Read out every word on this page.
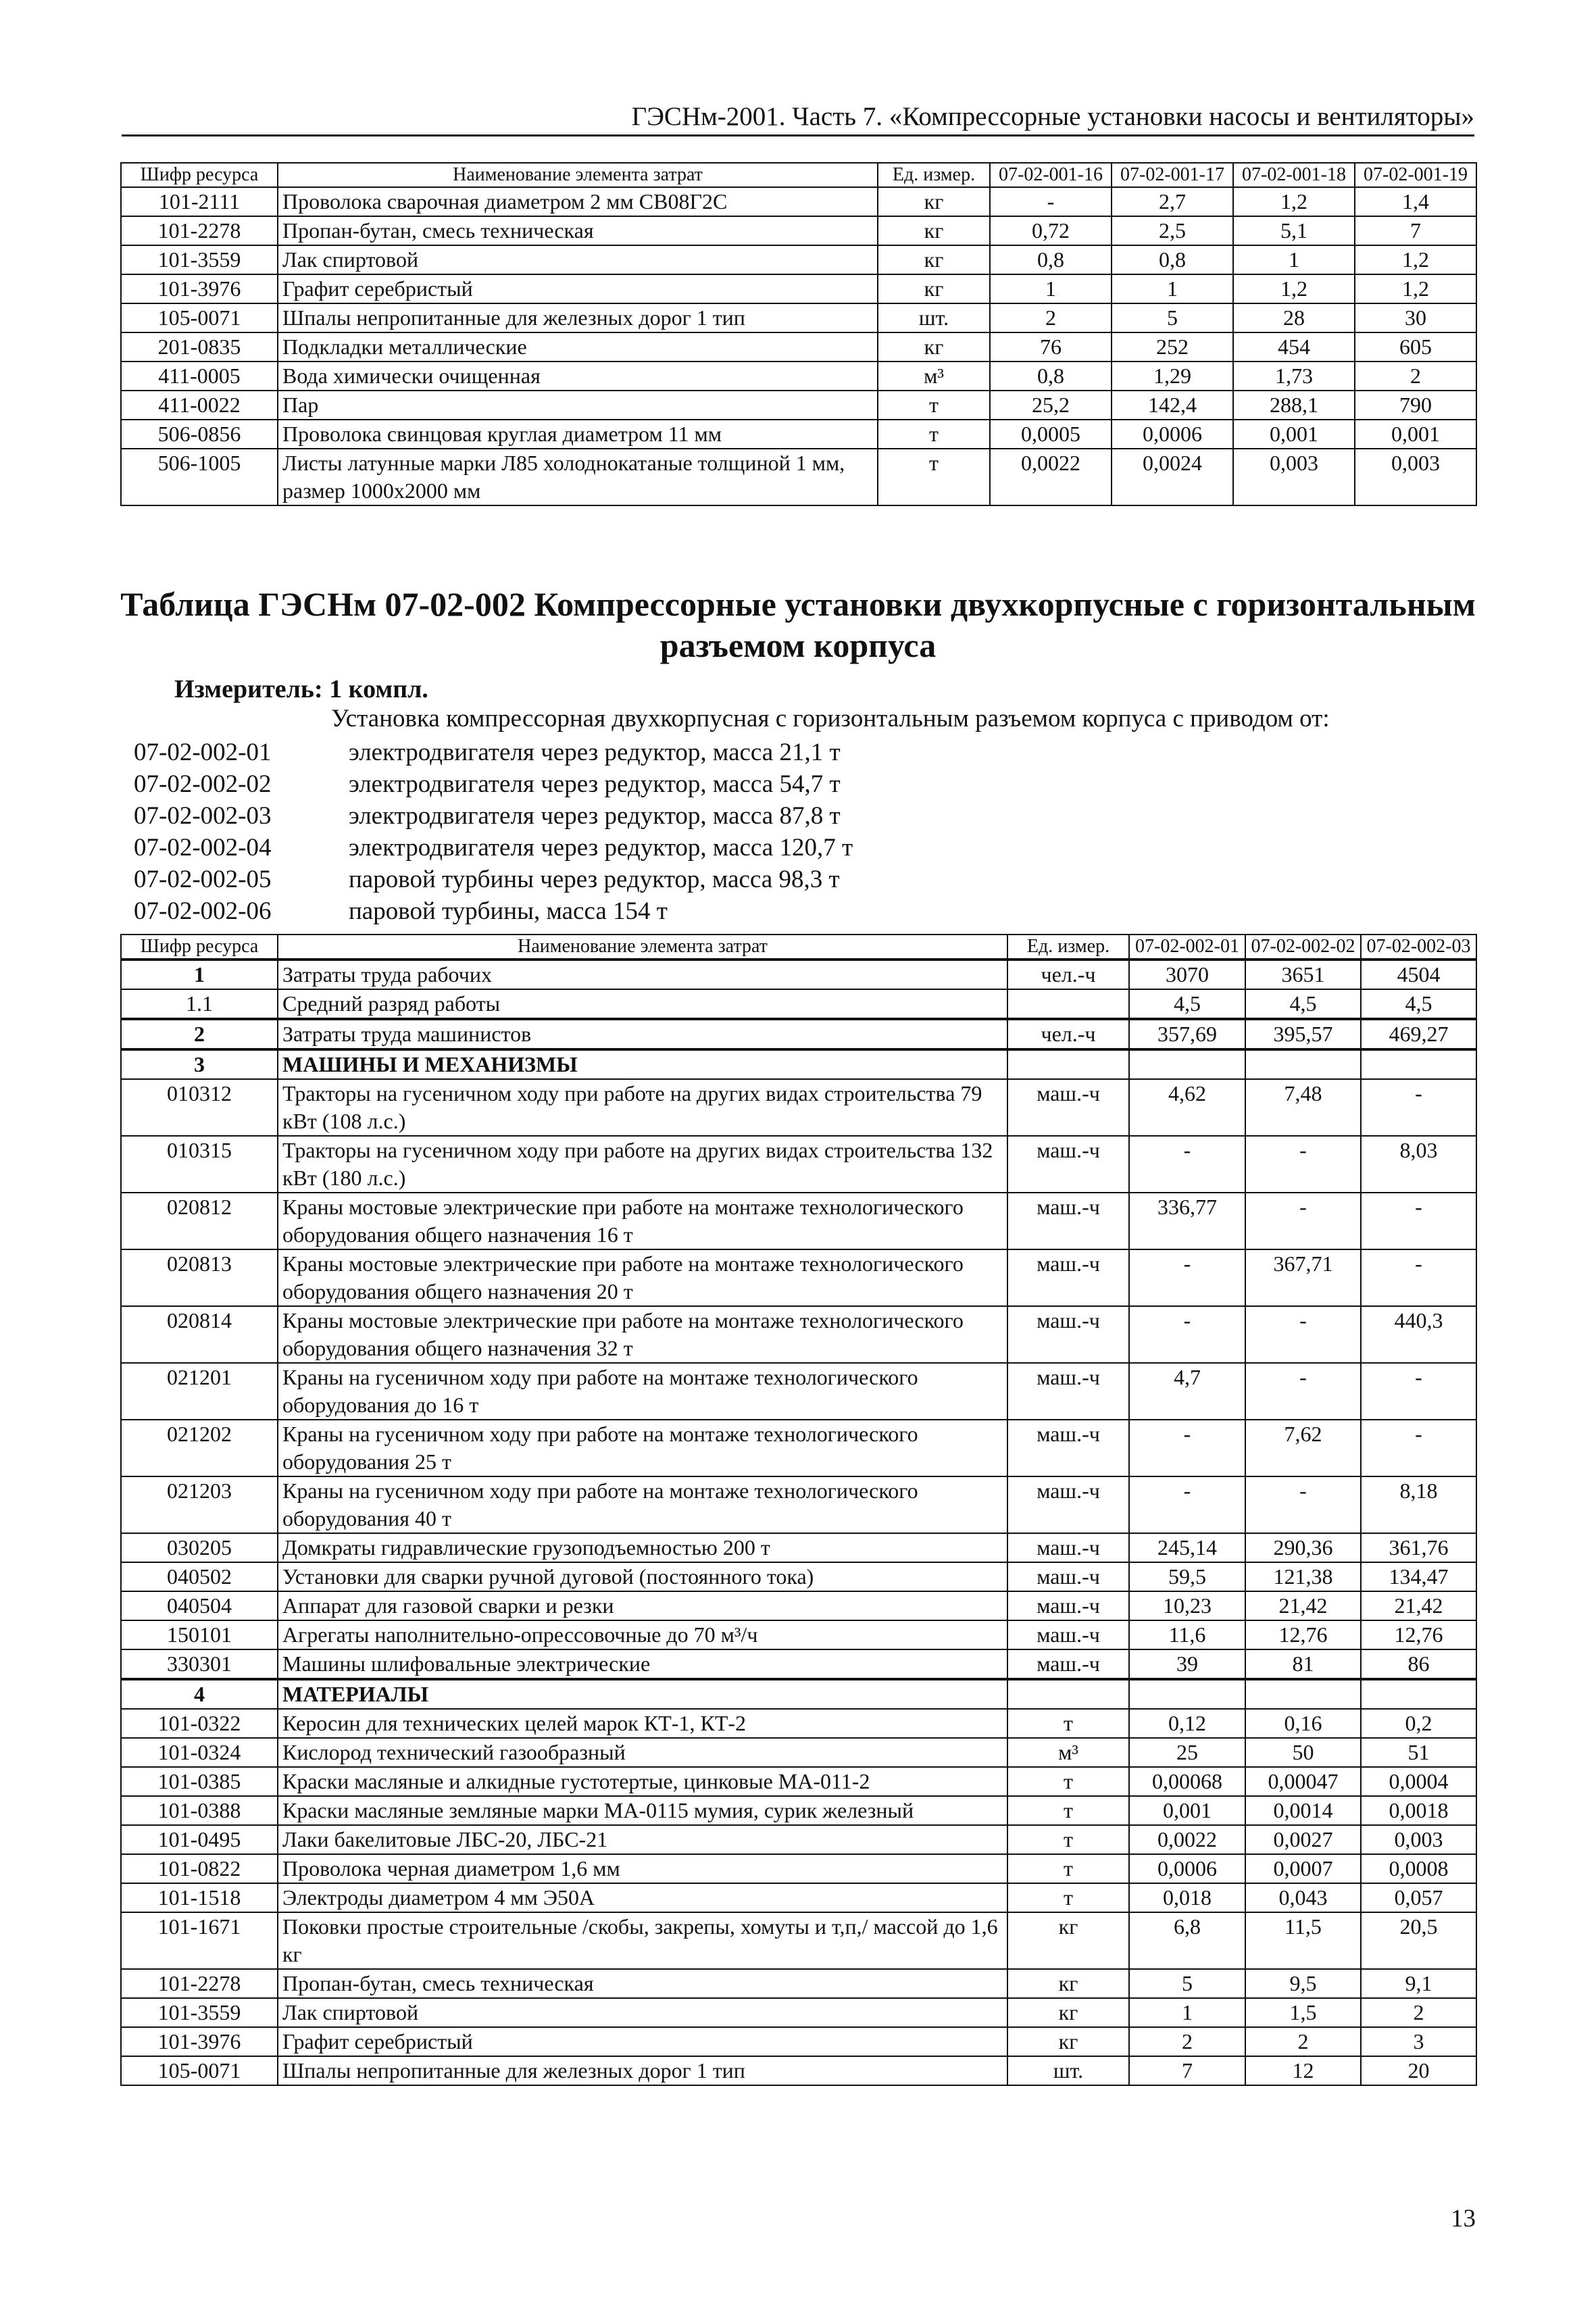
ГЭСНм-2001. Часть 7. «Компрессорные установки насосы и вентиляторы»
Шифр ресурса	Наименование элемента затрат	Ед. измер.	07-02-001-16	07-02-001-17	07-02-001-18	07-02-001-19
101-2111	Проволока сварочная диаметром 2 мм СВ08Г2С	кг	-	2,7	1,2	1,4
101-2278	Пропан-бутан, смесь техническая	кг	0,72	2,5	5,1	7
101-3559	Лак спиртовой	кг	0,8	0,8	1	1,2
101-3976	Графит серебристый	кг	1	1	1,2	1,2
105-0071	Шпалы непропитанные для железных дорог 1 тип	шт.	2	5	28	30
201-0835	Подкладки металлические	кг	76	252	454	605
411-0005	Вода химически очищенная	м³	0,8	1,29	1,73	2
411-0022	Пар	т	25,2	142,4	288,1	790
506-0856	Проволока свинцовая круглая диаметром 11 мм	т	0,0005	0,0006	0,001	0,001
506-1005	Листы латунные марки Л85 холоднокатаные толщиной 1 мм, размер 1000х2000 мм	т	0,0022	0,0024	0,003	0,003
Таблица ГЭСНм 07-02-002 Компрессорные установки двухкорпусные с горизонтальным разъемом корпуса
Измеритель: 1 компл.
Установка компрессорная двухкорпусная с горизонтальным разъемом корпуса с приводом от:
07-02-002-01	электродвигателя через редуктор, масса 21,1 т
07-02-002-02	электродвигателя через редуктор, масса 54,7 т
07-02-002-03	электродвигателя через редуктор, масса 87,8 т
07-02-002-04	электродвигателя через редуктор, масса 120,7 т
07-02-002-05	паровой турбины через редуктор, масса 98,3 т
07-02-002-06	паровой турбины, масса 154 т
Шифр ресурса	Наименование элемента затрат	Ед. измер.	07-02-002-01	07-02-002-02	07-02-002-03
1	Затраты труда рабочих	чел.-ч	3070	3651	4504
1.1	Средний разряд работы		4,5	4,5	4,5
2	Затраты труда машинистов	чел.-ч	357,69	395,57	469,27
3	МАШИНЫ И МЕХАНИЗМЫ				
010312	Тракторы на гусеничном ходу при работе на других видах строительства 79 кВт (108 л.с.)	маш.-ч	4,62	7,48	-
010315	Тракторы на гусеничном ходу при работе на других видах строительства 132 кВт (180 л.с.)	маш.-ч	-	-	8,03
020812	Краны мостовые электрические при работе на монтаже технологического оборудования общего назначения 16 т	маш.-ч	336,77	-	-
020813	Краны мостовые электрические при работе на монтаже технологического оборудования общего назначения 20 т	маш.-ч	-	367,71	-
020814	Краны мостовые электрические при работе на монтаже технологического оборудования общего назначения 32 т	маш.-ч	-	-	440,3
021201	Краны на гусеничном ходу при работе на монтаже технологического оборудования до 16 т	маш.-ч	4,7	-	-
021202	Краны на гусеничном ходу при работе на монтаже технологического оборудования 25 т	маш.-ч	-	7,62	-
021203	Краны на гусеничном ходу при работе на монтаже технологического оборудования 40 т	маш.-ч	-	-	8,18
030205	Домкраты гидравлические грузоподъемностью 200 т	маш.-ч	245,14	290,36	361,76
040502	Установки для сварки ручной дуговой (постоянного тока)	маш.-ч	59,5	121,38	134,47
040504	Аппарат для газовой сварки и резки	маш.-ч	10,23	21,42	21,42
150101	Агрегаты наполнительно-опрессовочные до 70 м³/ч	маш.-ч	11,6	12,76	12,76
330301	Машины шлифовальные электрические	маш.-ч	39	81	86
4	МАТЕРИАЛЫ				
101-0322	Керосин для технических целей марок КТ-1, КТ-2	т	0,12	0,16	0,2
101-0324	Кислород технический газообразный	м³	25	50	51
101-0385	Краски масляные и алкидные густотертые, цинковые МА-011-2	т	0,00068	0,00047	0,0004
101-0388	Краски масляные земляные марки МА-0115 мумия, сурик железный	т	0,001	0,0014	0,0018
101-0495	Лаки бакелитовые ЛБС-20, ЛБС-21	т	0,0022	0,0027	0,003
101-0822	Проволока черная диаметром 1,6 мм	т	0,0006	0,0007	0,0008
101-1518	Электроды диаметром 4 мм Э50А	т	0,018	0,043	0,057
101-1671	Поковки простые строительные /скобы, закрепы, хомуты и т,п,/ массой до 1,6 кг	кг	6,8	11,5	20,5
101-2278	Пропан-бутан, смесь техническая	кг	5	9,5	9,1
101-3559	Лак спиртовой	кг	1	1,5	2
101-3976	Графит серебристый	кг	2	2	3
105-0071	Шпалы непропитанные для железных дорог 1 тип	шт.	7	12	20
13
